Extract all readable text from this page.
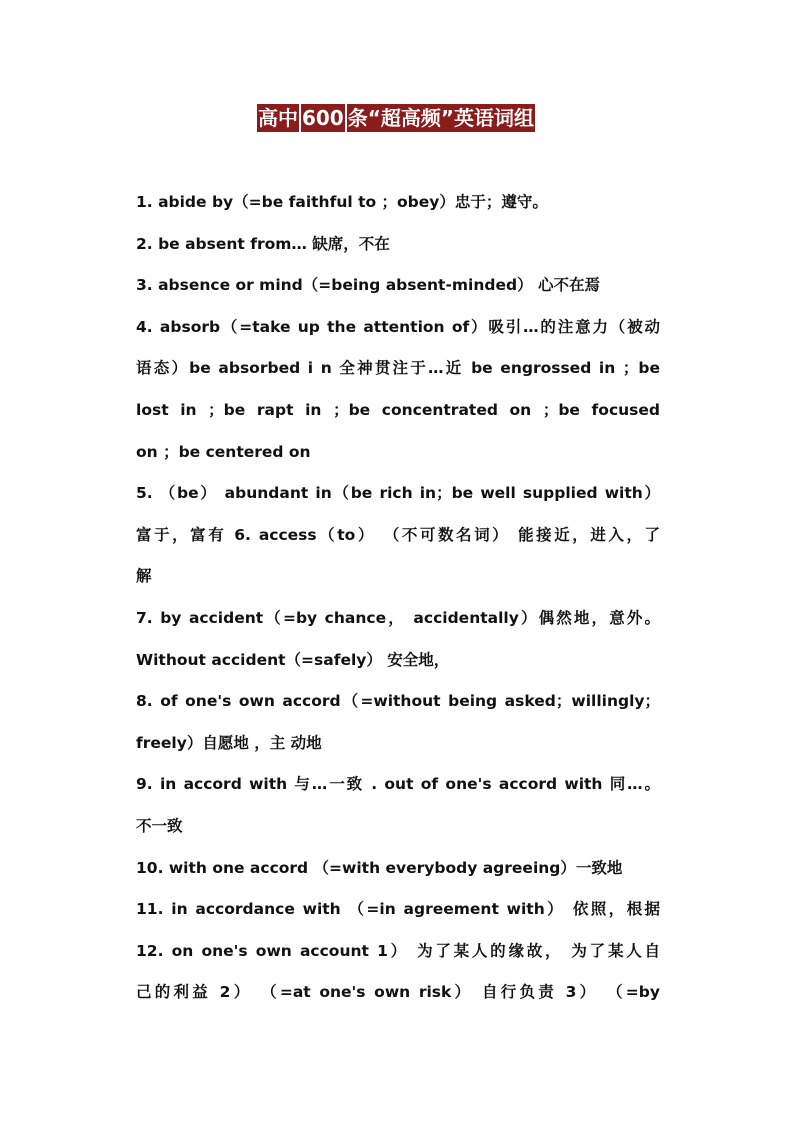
高中 600 条“超高频”英语词组
1. abide by（=be faithful to ；obey）忠于；遵守。
2. be absent from… 缺席，不在
3. absence or mind（=being absent-minded） 心不在焉
4. absorb（=take up the attention of）吸引…的注意力（被动
语态）be absorbed i n 全神贯注于…近 be engrossed in ；be
lost in ；be rapt in ；be concentrated on ；be focused
on ；be centered on
5. （be） abundant in（be rich in；be well supplied with）
富于，富有 6. access（to） （不可数名词） 能接近，进入，了
解
7. by accident（=by chance， accidentally）偶然地，意外。
Without accident（=safely） 安全地，
8. of one's own accord（=without being asked；willingly；
freely）自愿地 ，主 动地
9. in accord with 与…一致 . out of one's accord with 同…。
不一致
10. with one accord （=with everybody agreeing）一致地
11. in accordance with （=in agreement with） 依照，根据
12. on one's own account 1） 为了某人的缘故， 为了某人自
己的利益 2） （=at one's own risk） 自行负责 3） （=by
